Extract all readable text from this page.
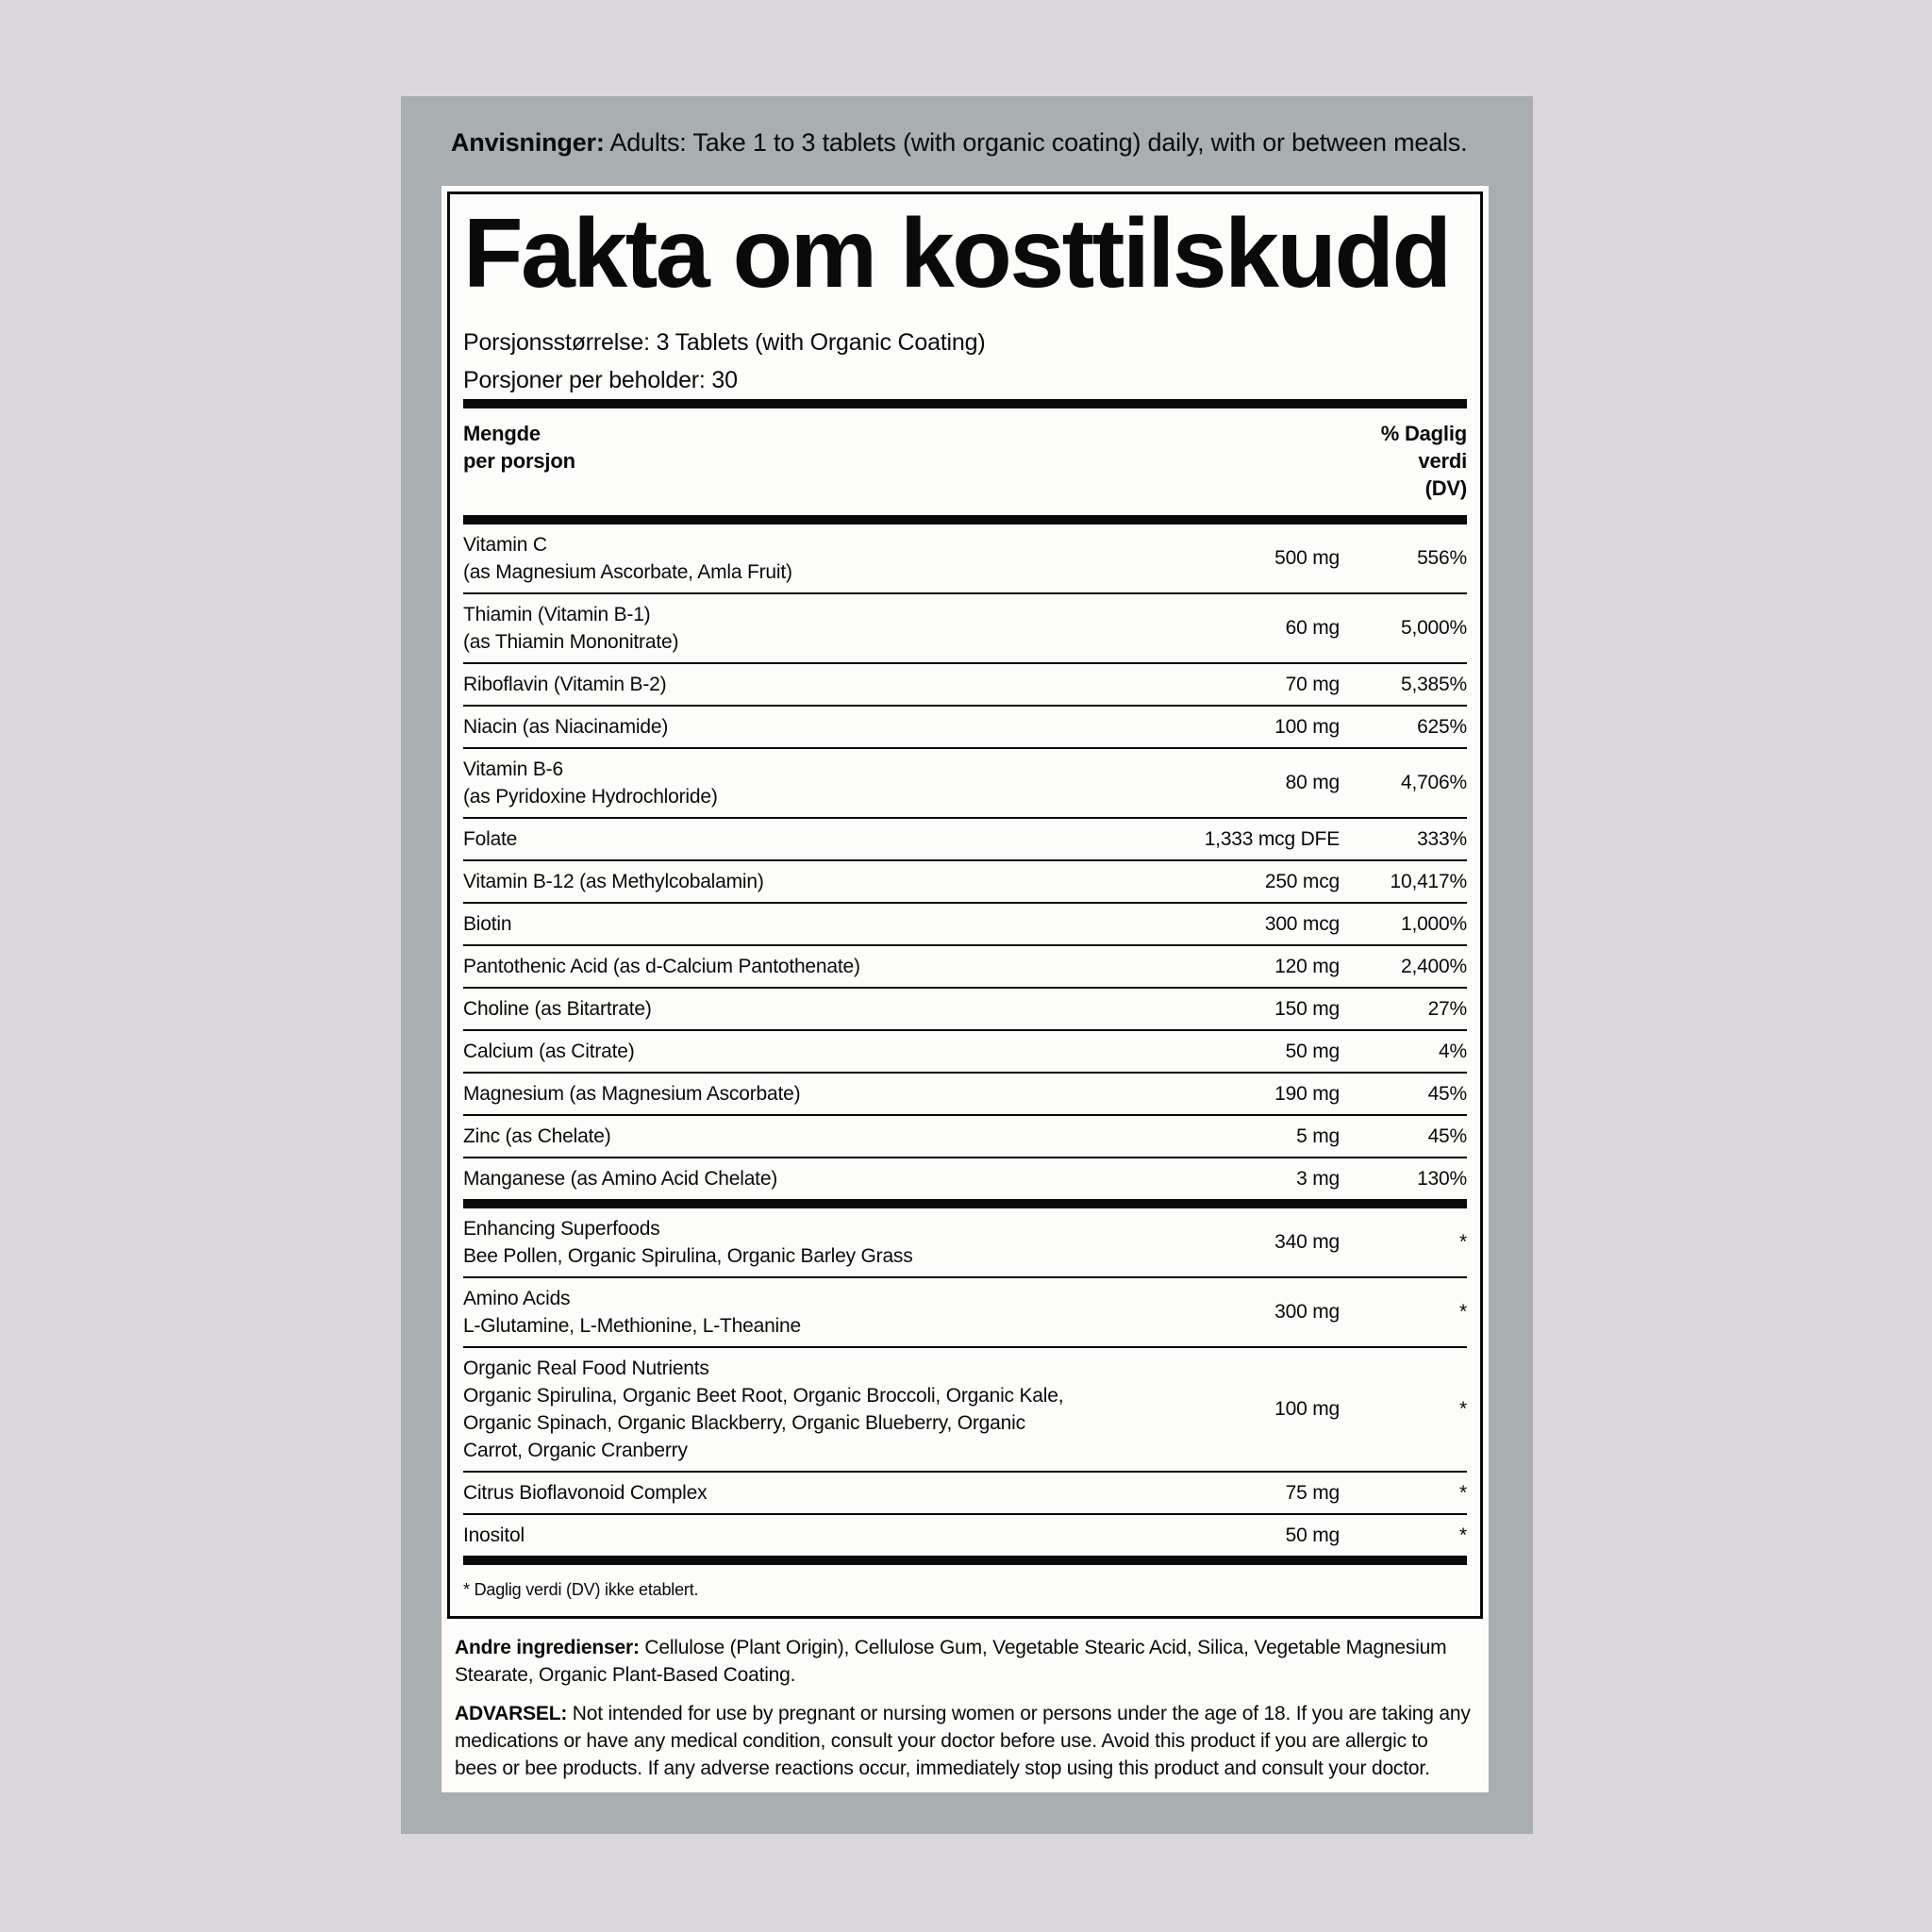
Anvisninger: Adults: Take 1 to 3 tablets (with organic coating) daily, with or between meals.

Fakta om kosttilskudd

Porsjonsstørrelse: 3 Tablets (with Organic Coating)

Porsjoner per beholder: 30

Mengde
per porsjon
% Daglig
verdi
(DV)
Vitamin C
(as Magnesium Ascorbate, Amla Fruit)
500 mg	556%
Thiamin (Vitamin B-1)
(as Thiamin Mononitrate)
60 mg	5,000%
Riboflavin (Vitamin B-2)	70 mg	5,385%
Niacin (as Niacinamide)	100 mg	625%
Vitamin B-6
(as Pyridoxine Hydrochloride)
80 mg	4,706%
Folate	1,333 mcg DFE	333%
Vitamin B-12 (as Methylcobalamin)	250 mcg	10,417%
Biotin	300 mcg	1,000%
Pantothenic Acid (as d-Calcium Pantothenate)	120 mg	2,400%
Choline (as Bitartrate)	150 mg	27%
Calcium (as Citrate)	50 mg	4%
Magnesium (as Magnesium Ascorbate)	190 mg	45%
Zinc (as Chelate)	5 mg	45%
Manganese (as Amino Acid Chelate)	3 mg	130%
Enhancing Superfoods
Bee Pollen, Organic Spirulina, Organic Barley Grass
340 mg	*
Amino Acids
L-Glutamine, L-Methionine, L-Theanine
300 mg	*
Organic Real Food Nutrients
Organic Spirulina, Organic Beet Root, Organic Broccoli, Organic Kale, Organic Spinach, Organic Blackberry, Organic Blueberry, Organic Carrot, Organic Cranberry
100 mg	*
Citrus Bioflavonoid Complex	75 mg	*
Inositol	50 mg	*

* Daglig verdi (DV) ikke etablert.

Andre ingredienser: Cellulose (Plant Origin), Cellulose Gum, Vegetable Stearic Acid, Silica, Vegetable Magnesium Stearate, Organic Plant-Based Coating.

ADVARSEL: Not intended for use by pregnant or nursing women or persons under the age of 18. If you are taking any medications or have any medical condition, consult your doctor before use. Avoid this product if you are allergic to bees or bee products. If any adverse reactions occur, immediately stop using this product and consult your doctor.
